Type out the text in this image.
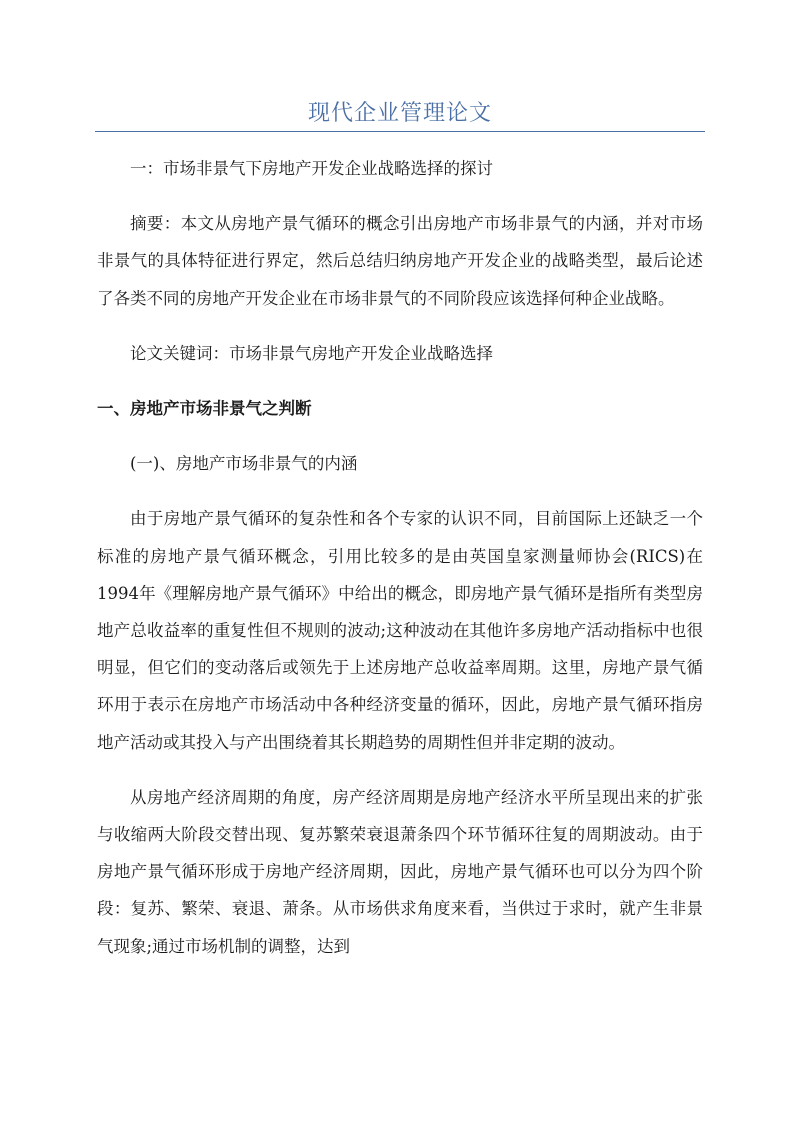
现代企业管理论文

一：市场非景气下房地产开发企业战略选择的探讨

摘要：本文从房地产景气循环的概念引出房地产市场非景气的内涵，并对市场非景气的具体特征进行界定，然后总结归纳房地产开发企业的战略类型，最后论述了各类不同的房地产开发企业在市场非景气的不同阶段应该选择何种企业战略。

论文关键词：市场非景气房地产开发企业战略选择

一、房地产市场非景气之判断

(一)、房地产市场非景气的内涵

由于房地产景气循环的复杂性和各个专家的认识不同，目前国际上还缺乏一个标准的房地产景气循环概念，引用比较多的是由英国皇家测量师协会(RICS)在1994年《理解房地产景气循环》中给出的概念，即房地产景气循环是指所有类型房地产总收益率的重复性但不规则的波动;这种波动在其他许多房地产活动指标中也很明显，但它们的变动落后或领先于上述房地产总收益率周期。这里，房地产景气循环用于表示在房地产市场活动中各种经济变量的循环，因此，房地产景气循环指房地产活动或其投入与产出围绕着其长期趋势的周期性但并非定期的波动。

从房地产经济周期的角度，房产经济周期是房地产经济水平所呈现出来的扩张与收缩两大阶段交替出现、复苏繁荣衰退萧条四个环节循环往复的周期波动。由于房地产景气循环形成于房地产经济周期，因此，房地产景气循环也可以分为四个阶段：复苏、繁荣、衰退、萧条。从市场供求角度来看，当供过于求时，就产生非景气现象;通过市场机制的调整，达到
